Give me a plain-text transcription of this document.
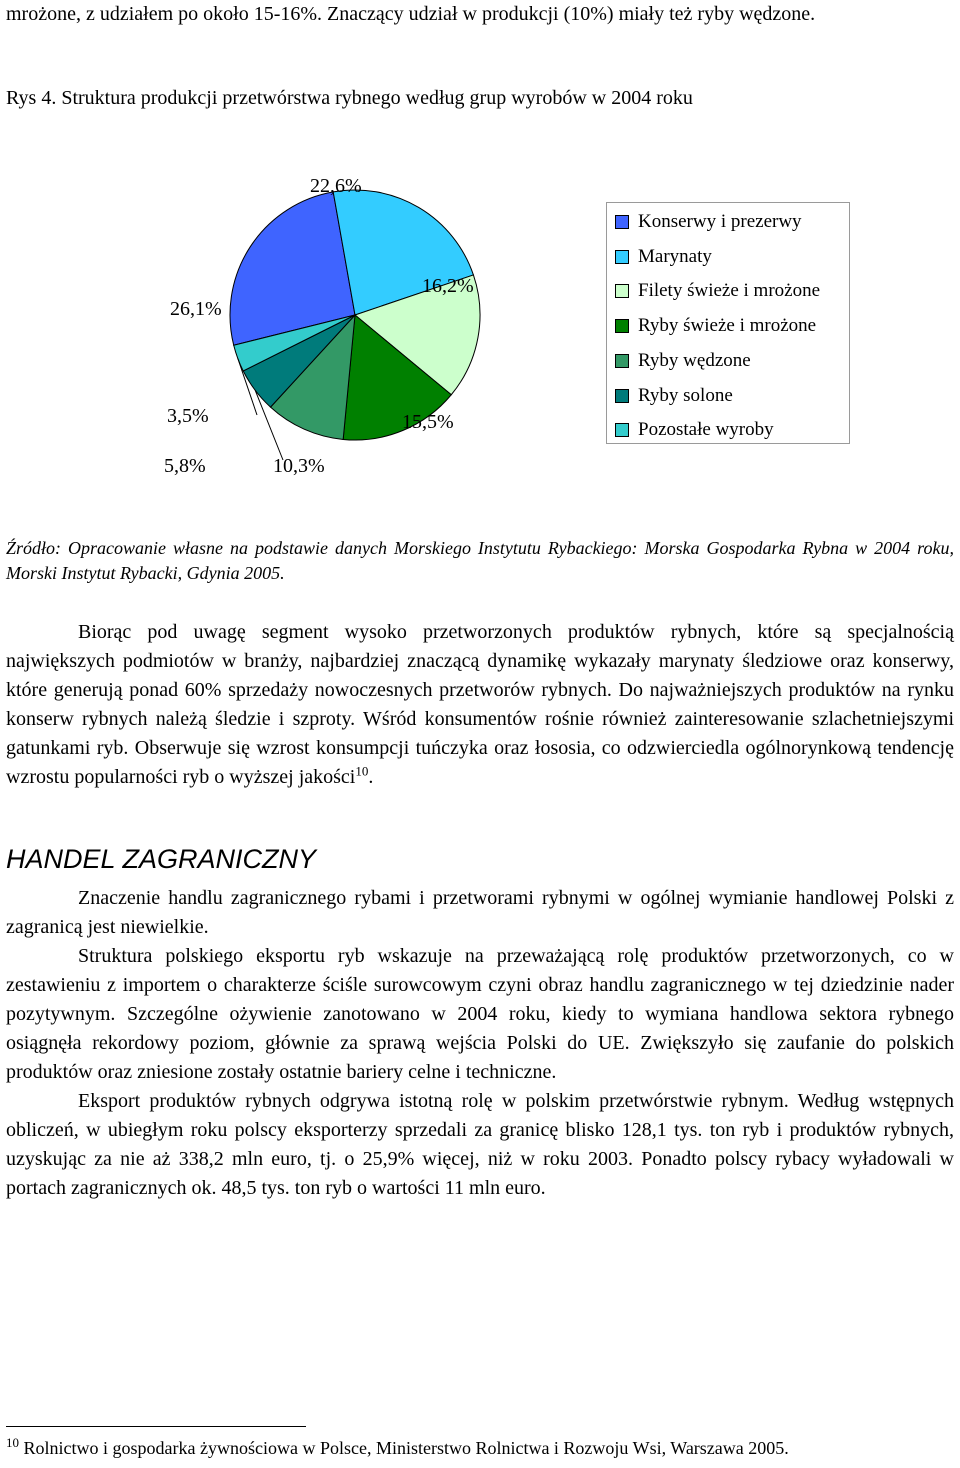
mrożone, z udziałem po około 15-16%. Znaczący udział w produkcji (10%) miały też ryby wędzone.
Rys 4. Struktura produkcji przetwórstwa rybnego według grup wyrobów w 2004 roku
26,1%
22,6%
16,2%
15,5%
10,3%
5,8%
3,5%
Konserwy i prezerwy
Marynaty
Filety świeże i mrożone
Ryby świeże i mrożone
Ryby wędzone
Ryby solone
Pozostałe wyroby
Źródło: Opracowanie własne na podstawie danych Morskiego Instytutu Rybackiego: Morska Gospodarka Rybna w 2004 roku, Morski Instytut Rybacki, Gdynia 2005.
Biorąc pod uwagę segment wysoko przetworzonych produktów rybnych, które są specjalnością największych podmiotów w branży, najbardziej znaczącą dynamikę wykazały marynaty śledziowe oraz konserwy, które generują ponad 60% sprzedaży nowoczesnych przetworów rybnych. Do najważniejszych produktów na rynku konserw rybnych należą śledzie i szproty. Wśród konsumentów rośnie również zainteresowanie szlachetniejszymi gatunkami ryb. Obserwuje się wzrost konsumpcji tuńczyka oraz łososia, co odzwierciedla ogólnorynkową tendencję wzrostu popularności ryb o wyższej jakości$^{10}$.
HANDEL ZAGRANICZNY

Znaczenie handlu zagranicznego rybami i przetworami rybnymi w ogólnej wymianie handlowej Polski z zagranicą jest niewielkie.

Struktura polskiego eksportu ryb wskazuje na przeważającą rolę produktów przetworzonych, co w zestawieniu z importem o charakterze ściśle surowcowym czyni obraz handlu zagranicznego w tej dziedzinie nader pozytywnym. Szczególne ożywienie zanotowano w 2004 roku, kiedy to wymiana handlowa sektora rybnego osiągnęła rekordowy poziom, głównie za sprawą wejścia Polski do UE. Zwiększyło się zaufanie do polskich produktów oraz zniesione zostały ostatnie bariery celne i techniczne.

Eksport produktów rybnych odgrywa istotną rolę w polskim przetwórstwie rybnym. Według wstępnych obliczeń, w ubiegłym roku polscy eksporterzy sprzedali za granicę blisko 128,1 tys. ton ryb i produktów rybnych, uzyskując za nie aż 338,2 mln euro, tj. o 25,9% więcej, niż w roku 2003. Ponadto polscy rybacy wyładowali w portach zagranicznych ok. 48,5 tys. ton ryb o wartości 11 mln euro.

$^{10}$ Rolnictwo i gospodarka żywnościowa w Polsce, Ministerstwo Rolnictwa i Rozwoju Wsi, Warszawa 2005.
